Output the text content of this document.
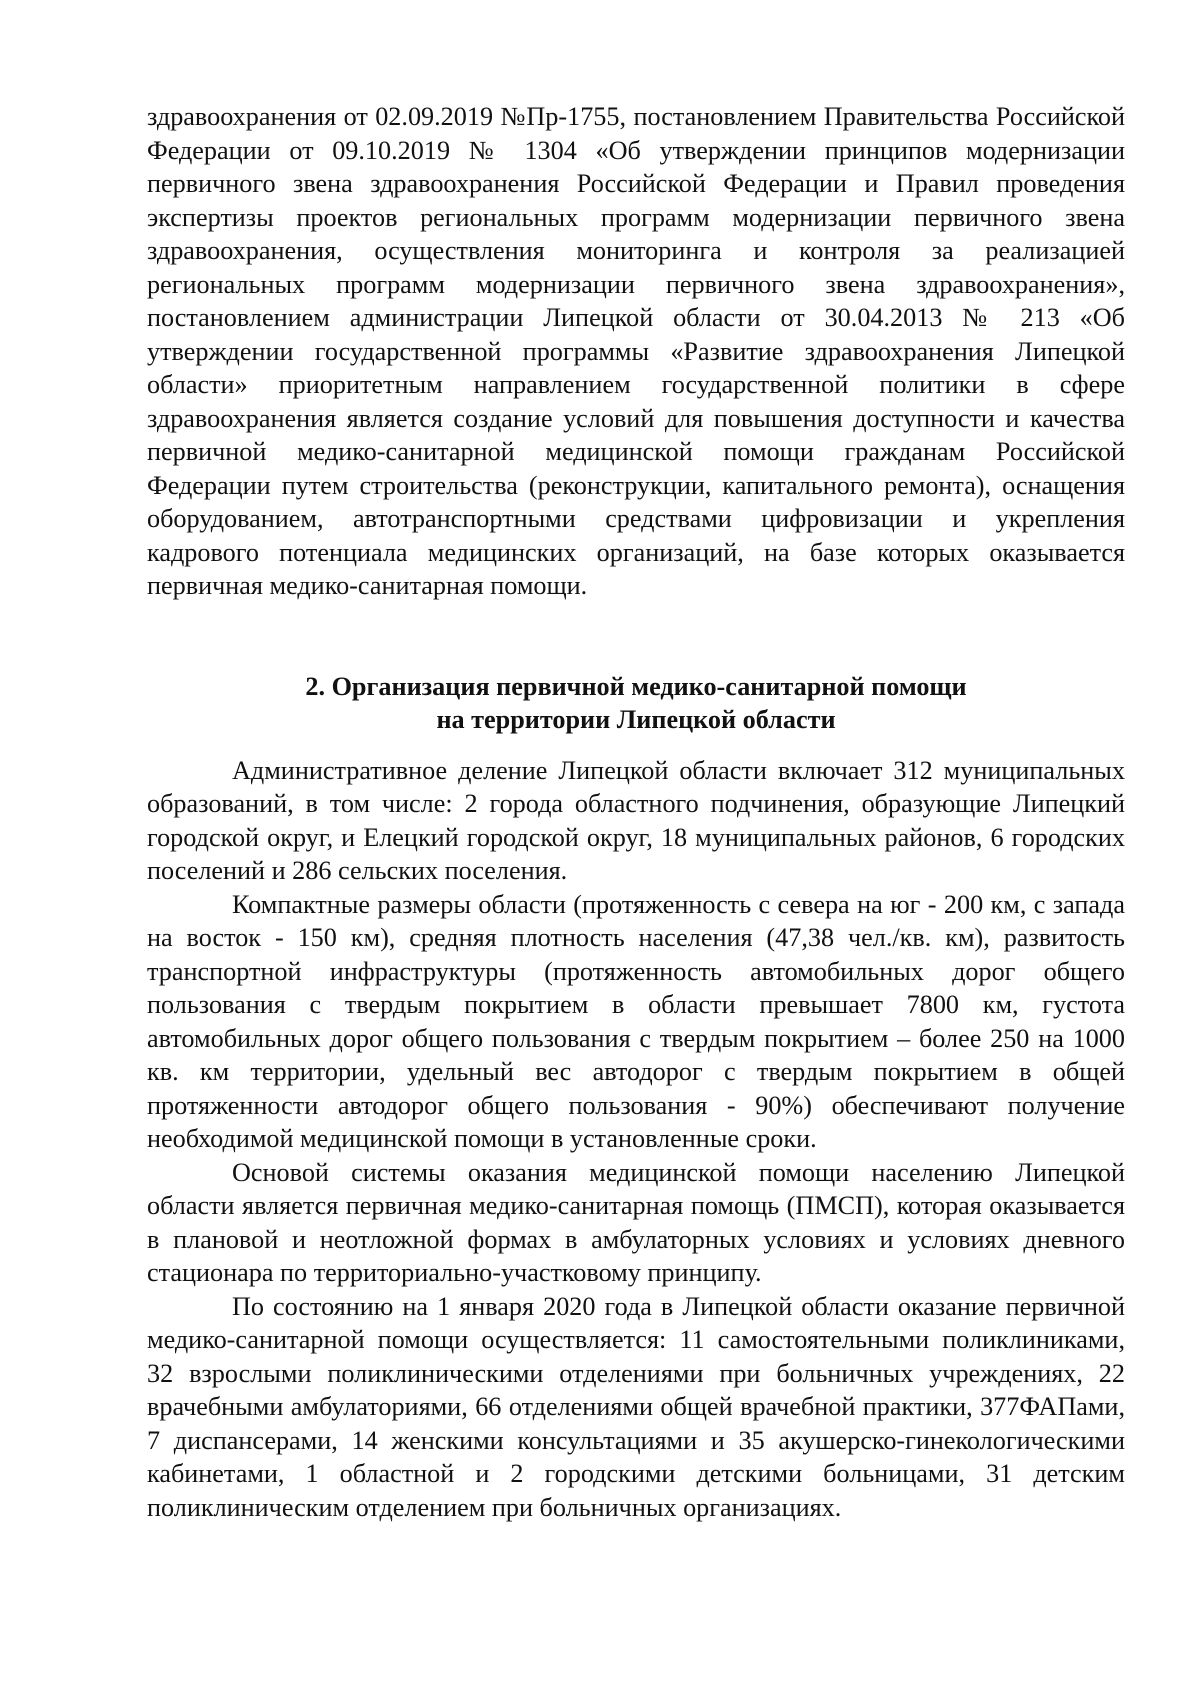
здравоохранения от 02.09.2019 №Пр-1755, постановлением Правительства Российской Федерации от 09.10.2019 № 1304 «Об утверждении принципов модернизации первичного звена здравоохранения Российской Федерации и Правил проведения экспертизы проектов региональных программ модернизации первичного звена здравоохранения, осуществления мониторинга и контроля за реализацией региональных программ модернизации первичного звена здравоохранения», постановлением администрации Липецкой области от 30.04.2013 № 213 «Об утверждении государственной программы «Развитие здравоохранения Липецкой области» приоритетным направлением государственной политики в сфере здравоохранения является создание условий для повышения доступности и качества первичной медико-санитарной медицинской помощи гражданам Российской Федерации путем строительства (реконструкции, капитального ремонта), оснащения оборудованием, автотранспортными средствами цифровизации и укрепления кадрового потенциала медицинских организаций, на базе которых оказывается первичная медико-санитарная помощи.

2. Организация первичной медико-санитарной помощи
на территории Липецкой области

Административное деление Липецкой области включает 312 муниципальных образований, в том числе: 2 города областного подчинения, образующие Липецкий городской округ, и Елецкий городской округ, 18 муниципальных районов, 6 городских поселений и 286 сельских поселения.

Компактные размеры области (протяженность с севера на юг - 200 км, с запада на восток - 150 км), средняя плотность населения (47,38 чел./кв. км), развитость транспортной инфраструктуры (протяженность автомобильных дорог общего пользования с твердым покрытием в области превышает 7800 км, густота автомобильных дорог общего пользования с твердым покрытием – более 250 на 1000 кв. км территории, удельный вес автодорог с твердым покрытием в общей протяженности автодорог общего пользования - 90%) обеспечивают получение необходимой медицинской помощи в установленные сроки.

Основой системы оказания медицинской помощи населению Липецкой области является первичная медико-санитарная помощь (ПМСП), которая оказывается в плановой и неотложной формах в амбулаторных условиях и условиях дневного стационара по территориально-участковому принципу.

По состоянию на 1 января 2020 года в Липецкой области оказание первичной медико-санитарной помощи осуществляется: 11 самостоятельными поликлиниками, 32 взрослыми поликлиническими отделениями при больничных учреждениях, 22 врачебными амбулаториями, 66 отделениями общей врачебной практики, 377ФАПами, 7 диспансерами, 14 женскими консультациями и 35 акушерско-гинекологическими кабинетами, 1 областной и 2 городскими детскими больницами, 31 детским поликлиническим отделением при больничных организациях.
